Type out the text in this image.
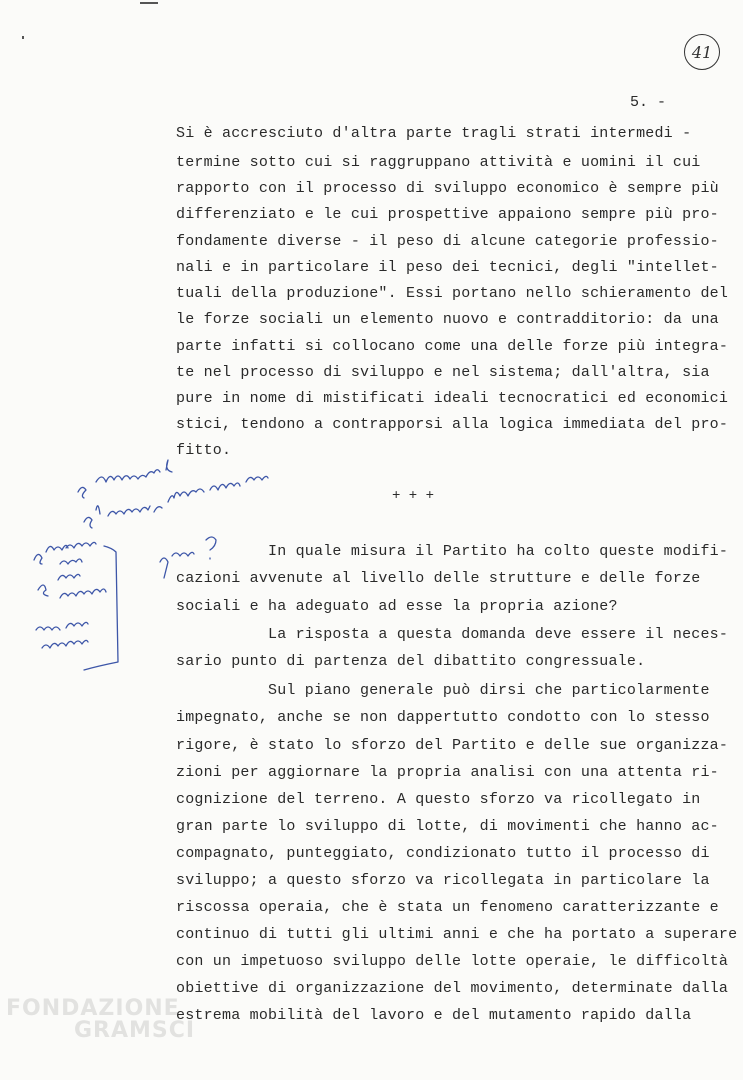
41
5. -
Si è accresciuto d'altra parte tragli strati intermedi -
termine sotto cui si raggruppano attività e uomini il cui
rapporto con il processo di sviluppo economico è sempre più
differenziato e le cui prospettive appaiono sempre più pro-
fondamente diverse - il peso di alcune categorie professio-
nali e in particolare il peso dei tecnici, degli "intellet-
tuali della produzione". Essi portano nello schieramento del
le forze sociali un elemento nuovo e contradditorio: da una
parte infatti si collocano come una delle forze più integra-
te nel processo di sviluppo e nel sistema; dall'altra, sia
pure in nome di mistificati ideali tecnocratici ed economici
stici, tendono a contrapporsi alla logica immediata del pro-
fitto.
+ + +
In quale misura il Partito ha colto queste modifi-
cazioni avvenute al livello delle strutture e delle forze
sociali e ha adeguato ad esse la propria azione?
La risposta a questa domanda deve essere il neces-
sario punto di partenza del dibattito congressuale.
Sul piano generale può dirsi che particolarmente
impegnato, anche se non dappertutto condotto con lo stesso
rigore, è stato lo sforzo del Partito e delle sue organizza-
zioni per aggiornare la propria analisi con una attenta ri-
cognizione del terreno. A questo sforzo va ricollegato in
gran parte lo sviluppo di lotte, di movimenti che hanno ac-
compagnato, punteggiato, condizionato tutto il processo di
sviluppo; a questo sforzo va ricollegata in particolare la
riscossa operaia, che è stata un fenomeno caratterizzante e
continuo di tutti gli ultimi anni e che ha portato a superare
con un impetuoso sviluppo delle lotte operaie, le difficoltà
obiettive di organizzazione del movimento, determinate dalla
estrema mobilità del lavoro e del mutamento rapido dalla
FONDAZIONE
GRAMSCI
